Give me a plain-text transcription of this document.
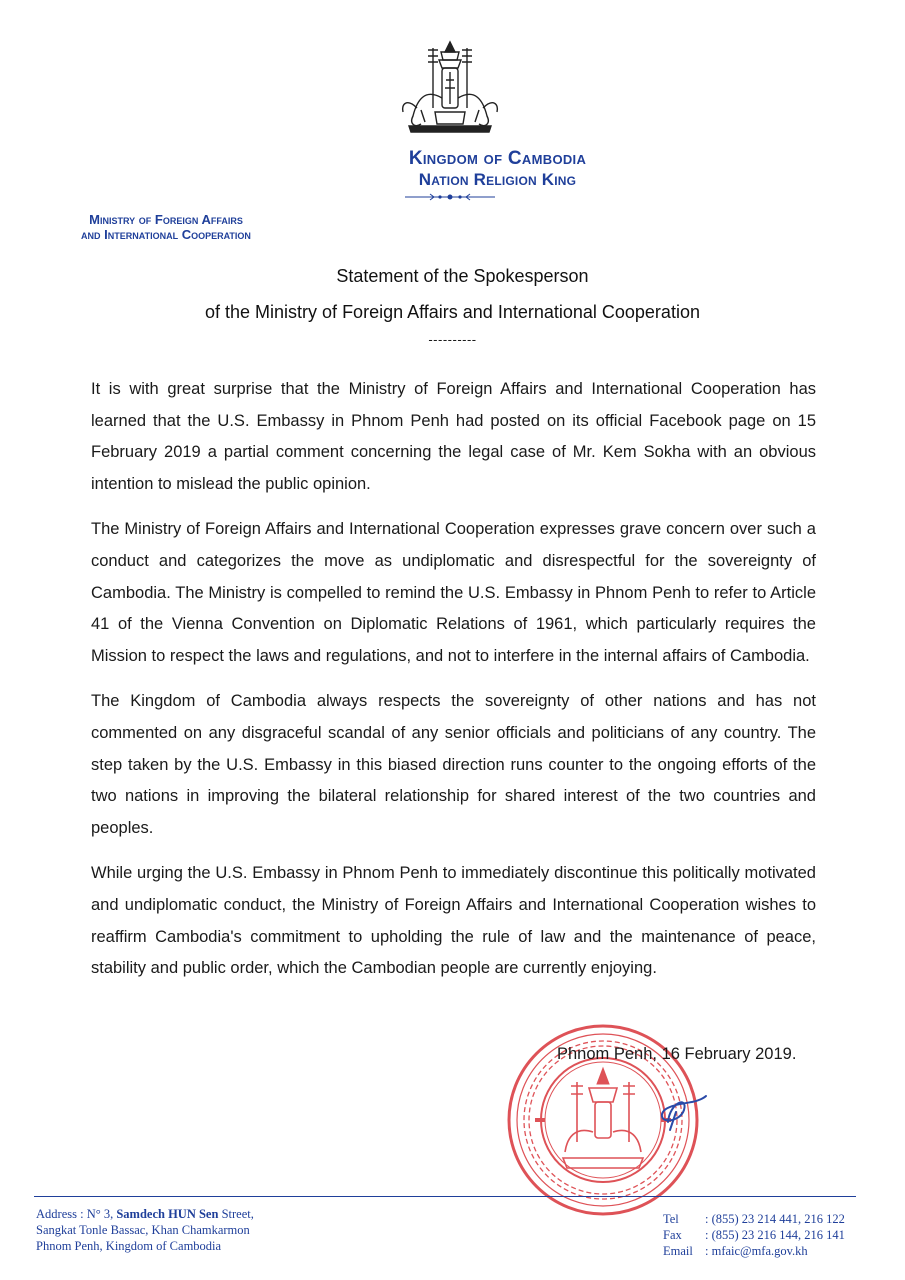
Kingdom of Cambodia
Nation Religion King
Ministry of Foreign Affairs
and International Cooperation
Statement of the Spokesperson
of the Ministry of Foreign Affairs and International Cooperation
----------

It is with great surprise that the Ministry of Foreign Affairs and International Cooperation has learned that the U.S. Embassy in Phnom Penh had posted on its official Facebook page on 15 February 2019 a partial comment concerning the legal case of Mr. Kem Sokha with an obvious intention to mislead the public opinion.

The Ministry of Foreign Affairs and International Cooperation expresses grave concern over such a conduct and categorizes the move as undiplomatic and disrespectful for the sovereignty of Cambodia. The Ministry is compelled to remind the U.S. Embassy in Phnom Penh to refer to Article 41 of the Vienna Convention on Diplomatic Relations of 1961, which particularly requires the Mission to respect the laws and regulations, and not to interfere in the internal affairs of Cambodia.

The Kingdom of Cambodia always respects the sovereignty of other nations and has not commented on any disgraceful scandal of any senior officials and politicians of any country. The step taken by the U.S. Embassy in this biased direction runs counter to the ongoing efforts of the two nations in improving the bilateral relationship for shared interest of the two countries and peoples.

While urging the U.S. Embassy in Phnom Penh to immediately discontinue this politically motivated and undiplomatic conduct, the Ministry of Foreign Affairs and International Cooperation wishes to reaffirm Cambodia's commitment to upholding the rule of law and the maintenance of peace, stability and public order, which the Cambodian people are currently enjoying.

Phnom Penh, 16 February 2019.
Address : N° 3, Samdech HUN Sen Street,
Sangkat Tonle Bassac, Khan Chamkarmon
Phnom Penh, Kingdom of Cambodia
Tel	: (855) 23 214 441, 216 122
Fax	: (855) 23 216 144, 216 141
Email : mfaic@mfa.gov.kh
